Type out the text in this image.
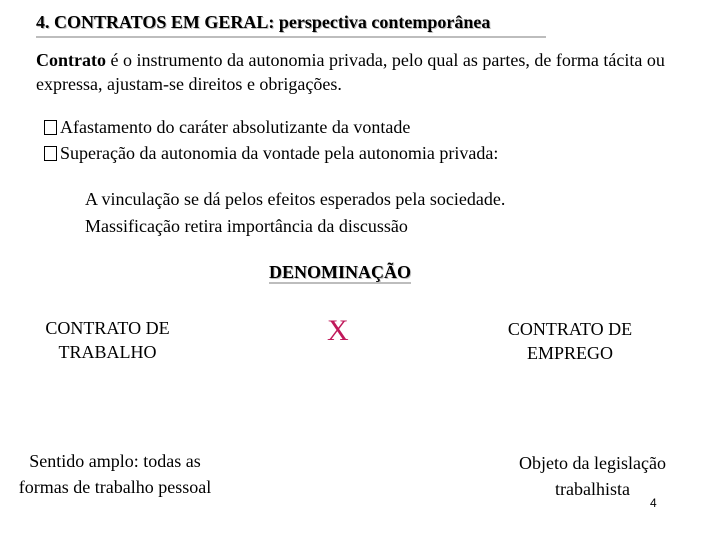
4. CONTRATOS EM GERAL: perspectiva contemporânea
Contrato é o instrumento da autonomia privada, pelo qual as partes, de forma tácita ou expressa, ajustam-se direitos e obrigações.
Afastamento do caráter absolutizante da vontade
Superação da autonomia da vontade pela autonomia privada:
A vinculação se dá pelos efeitos esperados pela sociedade.
Massificação retira importância da discussão
DENOMINAÇÃO
CONTRATO DE
TRABALHO
X	CONTRATO DE
EMPREGO
Sentido amplo: todas as
formas de trabalho pessoal
Objeto da legislação
trabalhista
4
